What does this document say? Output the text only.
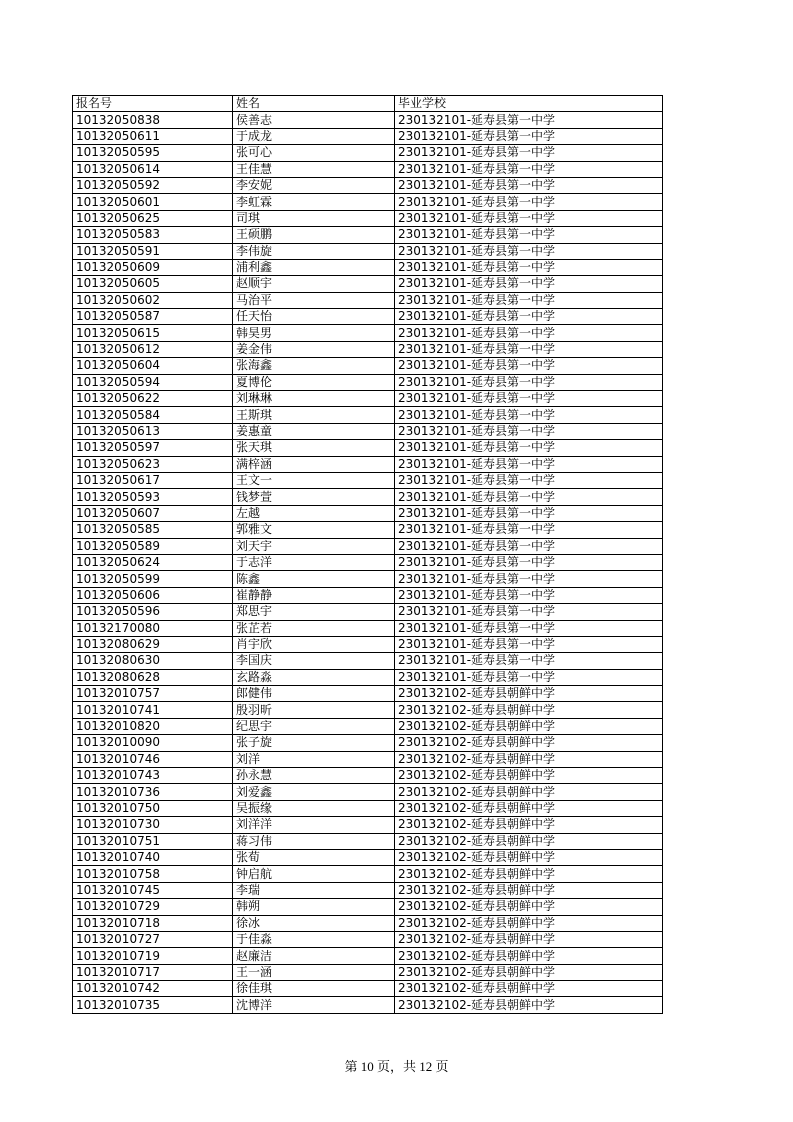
报名号	姓名	毕业学校
10132050838	侯善志	230132101-延寿县第一中学
10132050611	于成龙	230132101-延寿县第一中学
10132050595	张可心	230132101-延寿县第一中学
10132050614	王佳慧	230132101-延寿县第一中学
10132050592	李安妮	230132101-延寿县第一中学
10132050601	李虹霖	230132101-延寿县第一中学
10132050625	司琪	230132101-延寿县第一中学
10132050583	王硕鹏	230132101-延寿县第一中学
10132050591	李伟旋	230132101-延寿县第一中学
10132050609	浦利鑫	230132101-延寿县第一中学
10132050605	赵顺宇	230132101-延寿县第一中学
10132050602	马治平	230132101-延寿县第一中学
10132050587	任天怡	230132101-延寿县第一中学
10132050615	韩昊男	230132101-延寿县第一中学
10132050612	姜金伟	230132101-延寿县第一中学
10132050604	张海鑫	230132101-延寿县第一中学
10132050594	夏博伦	230132101-延寿县第一中学
10132050622	刘琳琳	230132101-延寿县第一中学
10132050584	王斯琪	230132101-延寿县第一中学
10132050613	姜惠童	230132101-延寿县第一中学
10132050597	张天琪	230132101-延寿县第一中学
10132050623	满梓涵	230132101-延寿县第一中学
10132050617	王文一	230132101-延寿县第一中学
10132050593	钱梦萱	230132101-延寿县第一中学
10132050607	左越	230132101-延寿县第一中学
10132050585	郭雅文	230132101-延寿县第一中学
10132050589	刘天宇	230132101-延寿县第一中学
10132050624	于志洋	230132101-延寿县第一中学
10132050599	陈鑫	230132101-延寿县第一中学
10132050606	崔静静	230132101-延寿县第一中学
10132050596	郑思宇	230132101-延寿县第一中学
10132170080	张芷若	230132101-延寿县第一中学
10132080629	肖宇欣	230132101-延寿县第一中学
10132080630	李国庆	230132101-延寿县第一中学
10132080628	玄路淼	230132101-延寿县第一中学
10132010757	郎健伟	230132102-延寿县朝鲜中学
10132010741	殷羽昕	230132102-延寿县朝鲜中学
10132010820	纪思宇	230132102-延寿县朝鲜中学
10132010090	张子旋	230132102-延寿县朝鲜中学
10132010746	刘洋	230132102-延寿县朝鲜中学
10132010743	孙永慧	230132102-延寿县朝鲜中学
10132010736	刘爱鑫	230132102-延寿县朝鲜中学
10132010750	吴振缘	230132102-延寿县朝鲜中学
10132010730	刘洋洋	230132102-延寿县朝鲜中学
10132010751	蒋习伟	230132102-延寿县朝鲜中学
10132010740	张荀	230132102-延寿县朝鲜中学
10132010758	钟启航	230132102-延寿县朝鲜中学
10132010745	李瑞	230132102-延寿县朝鲜中学
10132010729	韩朔	230132102-延寿县朝鲜中学
10132010718	徐冰	230132102-延寿县朝鲜中学
10132010727	于佳淼	230132102-延寿县朝鲜中学
10132010719	赵廉洁	230132102-延寿县朝鲜中学
10132010717	王一涵	230132102-延寿县朝鲜中学
10132010742	徐佳琪	230132102-延寿县朝鲜中学
10132010735	沈博洋	230132102-延寿县朝鲜中学
第 10 页，共 12 页
